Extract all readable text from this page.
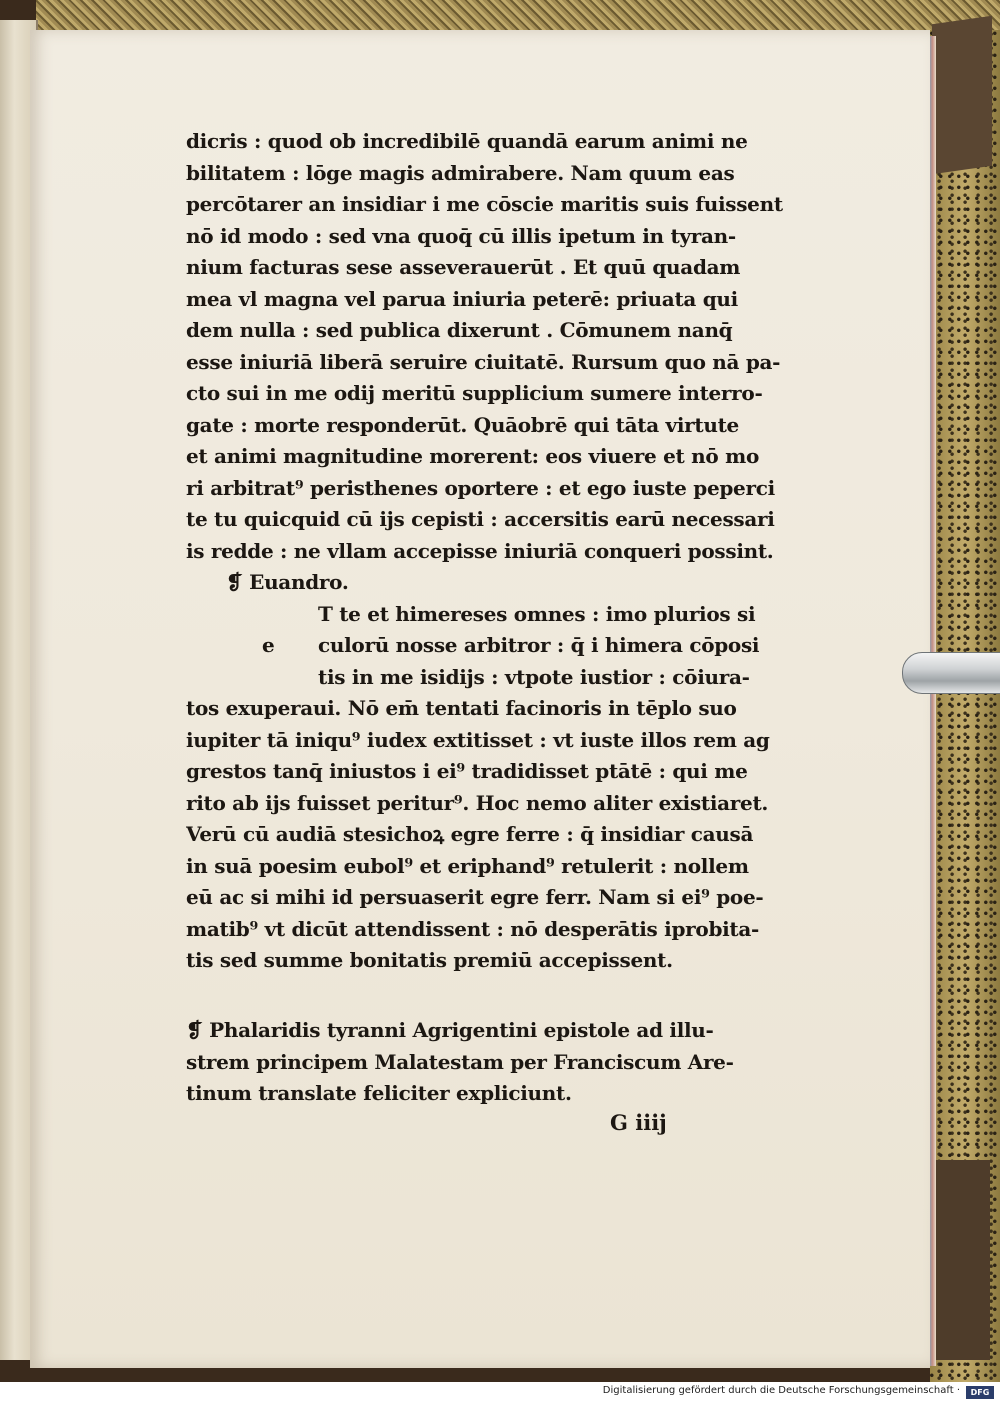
dicris : quod ob incredibilē quandā earum animi ne
bilitatem : lōge magis admirabere. Nam quum eas
percōtarer an insidiar i me cōscie maritis suis fuissent
nō id modo : sed vna quoq̄ cū illis ipetum in tyran-
nium facturas sese asseverauerūt . Et quū quadam
mea vl magna vel parua iniuria peterē: priuata qui
dem nulla : sed publica dixerunt . Cōmunem nanq̄
esse iniuriā liberā seruire ciuitatē. Rursum quo nā pa-
cto sui in me odij meritū supplicium sumere interro-
gate : morte responderūt. Quāobrē qui tāta virtute
et animi magnitudine morerent: eos viuere et nō mo
ri arbitrat⁹ peristhenes oportere : et ego iuste peperci
te tu quicquid cū ijs cepisti : accersitis earū necessari
is redde : ne vllam accepisse iniuriā conqueri possint.
❡ Euandro.
T te et himereses omnes : imo plurios si
e culorū nosse arbitror : q̄ i himera cōposi
tis in me isidijs : vtpote iustior : cōiura-
tos exuperaui. Nō em̄ tentati facinoris in tēplo suo
iupiter tā iniqu⁹ iudex extitisset : vt iuste illos rem ag
grestos tanq̄ iniustos i ei⁹ tradidisset ptātē : qui me
rito ab ijs fuisset peritur⁹. Hoc nemo aliter existiaret.
Verū cū audiā stesichoꝝ egre ferre : q̄ insidiar causā
in suā poesim eubol⁹ et eriphand⁹ retulerit : nollem
eū ac si mihi id persuaserit egre ferr. Nam si ei⁹ poe-
matib⁹ vt dicūt attendissent : nō desperātis iprobita-
tis sed summe bonitatis premiū accepissent.
❡ Phalaridis tyranni Agrigentini epistole ad illu-
strem principem Malatestam per Franciscum Are-
tinum translate feliciter expliciunt.
G iiij
Digitalisierung gefördert durch die Deutsche Forschungsgemeinschaft ·	DFG
